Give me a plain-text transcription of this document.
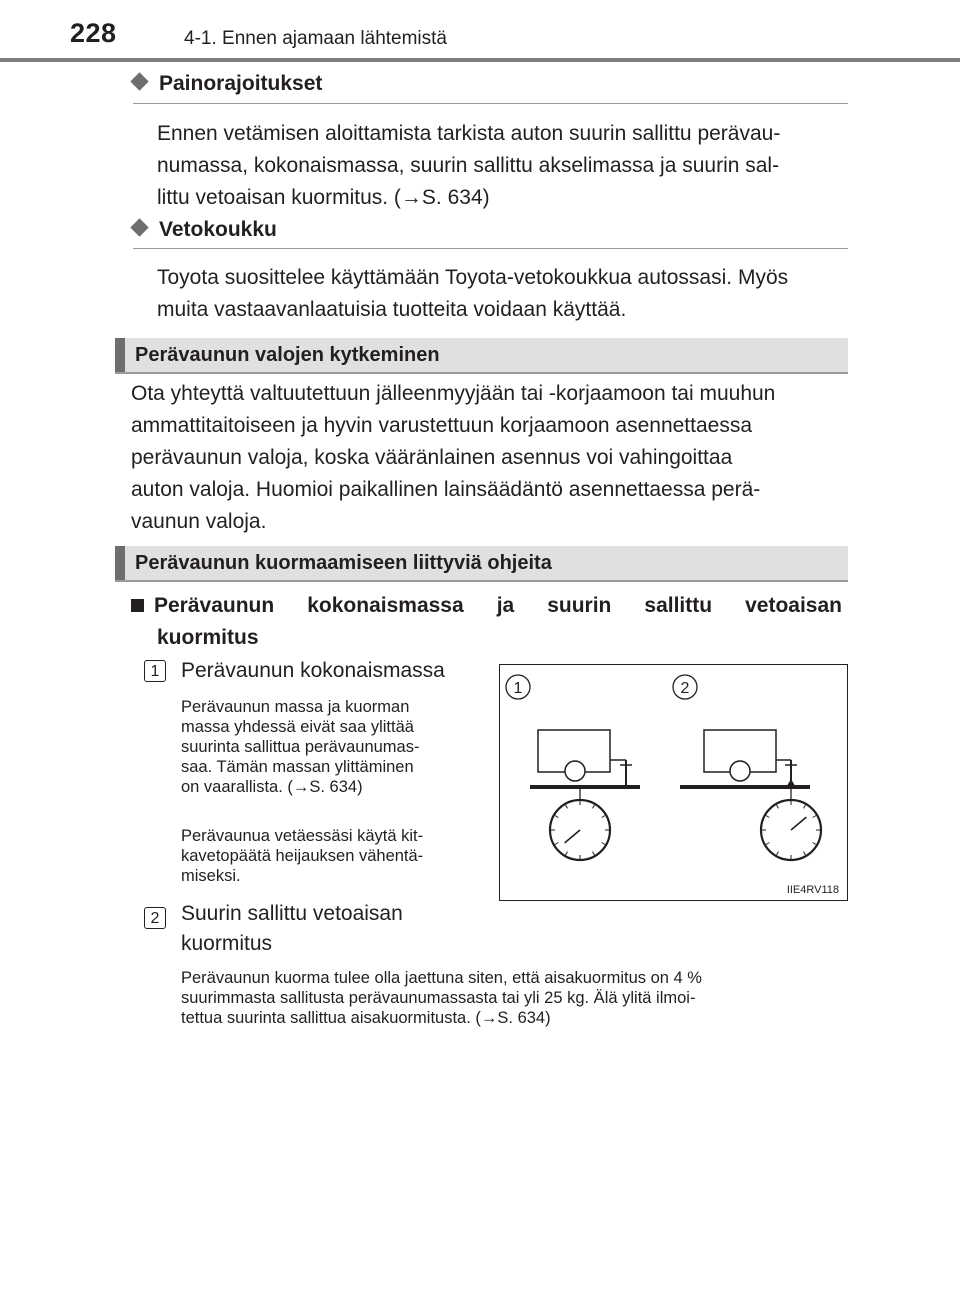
228	4-1. Ennen ajamaan lähtemistä
Painorajoitukset
Ennen vetämisen aloittamista tarkista auton suurin sallittu perävau-
numassa, kokonaismassa, suurin sallittu akselimassa ja suurin sal-
littu vetoaisan kuormitus. (→S. 634)
Vetokoukku
Toyota suosittelee käyttämään Toyota-vetokoukkua autossasi. Myös
muita vastaavanlaatuisia tuotteita voidaan käyttää.
Perävaunun valojen kytkeminen
Ota yhteyttä valtuutettuun jälleenmyyjään tai -korjaamoon tai muuhun
ammattitaitoiseen ja hyvin varustettuun korjaamoon asennettaessa
perävaunun valoja, koska vääränlainen asennus voi vahingoittaa
auton valoja. Huomioi paikallinen lainsäädäntö asennettaessa perä-
vaunun valoja.
Perävaunun kuormaamiseen liittyviä ohjeita
Perävaunun kokonaismassa ja suurin sallittu vetoaisan
kuormitus
1	Perävaunun kokonaismassa
Perävaunun massa ja kuorman
massa yhdessä eivät saa ylittää
suurinta sallittua perävaunumas-
saa. Tämän massan ylittäminen
on vaarallista. (→S. 634)
Perävaunua vetäessäsi käytä kit-
kavetopäätä heijauksen vähentä-
miseksi.
2	Suurin sallittu vetoaisan
kuormitus
Perävaunun kuorma tulee olla jaettuna siten, että aisakuormitus on 4 %
suurimmasta sallitusta perävaunumassasta tai yli 25 kg. Älä ylitä ilmoi-
tettua suurinta sallittua aisakuormitusta. (→S. 634)
1	2
IIE4RV118
